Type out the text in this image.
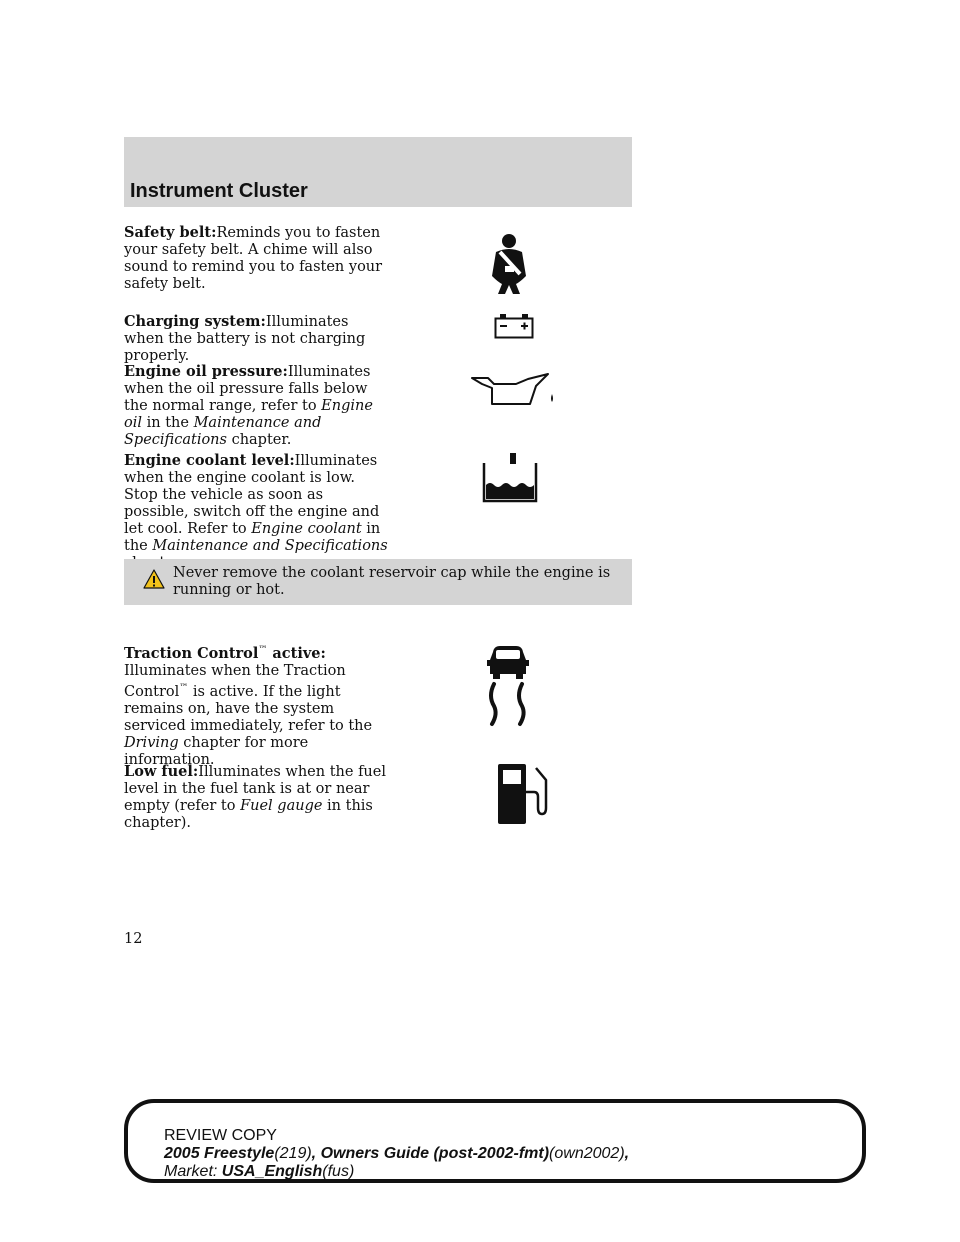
Instrument Cluster
Safety belt:Reminds you to fasten your safety belt. A chime will also sound to remind you to fasten your safety belt.
Charging system:Illuminates when the battery is not charging properly.
Engine oil pressure:Illuminates when the oil pressure falls below the normal range, refer to Engine oil in the Maintenance and Specifications chapter.
Engine coolant level:Illuminates when the engine coolant is low. Stop the vehicle as soon as possible, switch off the engine and let cool. Refer to Engine coolant in the Maintenance and Specifications
Never remove the coolant reservoir cap while the engine is running or hot.
Traction Control™ active: Illuminates when the Traction Control™ is active. If the light remains on, have the system serviced immediately, refer to the Driving chapter for more information.
Low fuel:Illuminates when the fuel level in the fuel tank is at or near empty (refer to Fuel gauge in this chapter).
12
REVIEW COPY
2005 Freestyle(219), Owners Guide (post-2002-fmt)(own2002),
Market: USA_English(fus)
